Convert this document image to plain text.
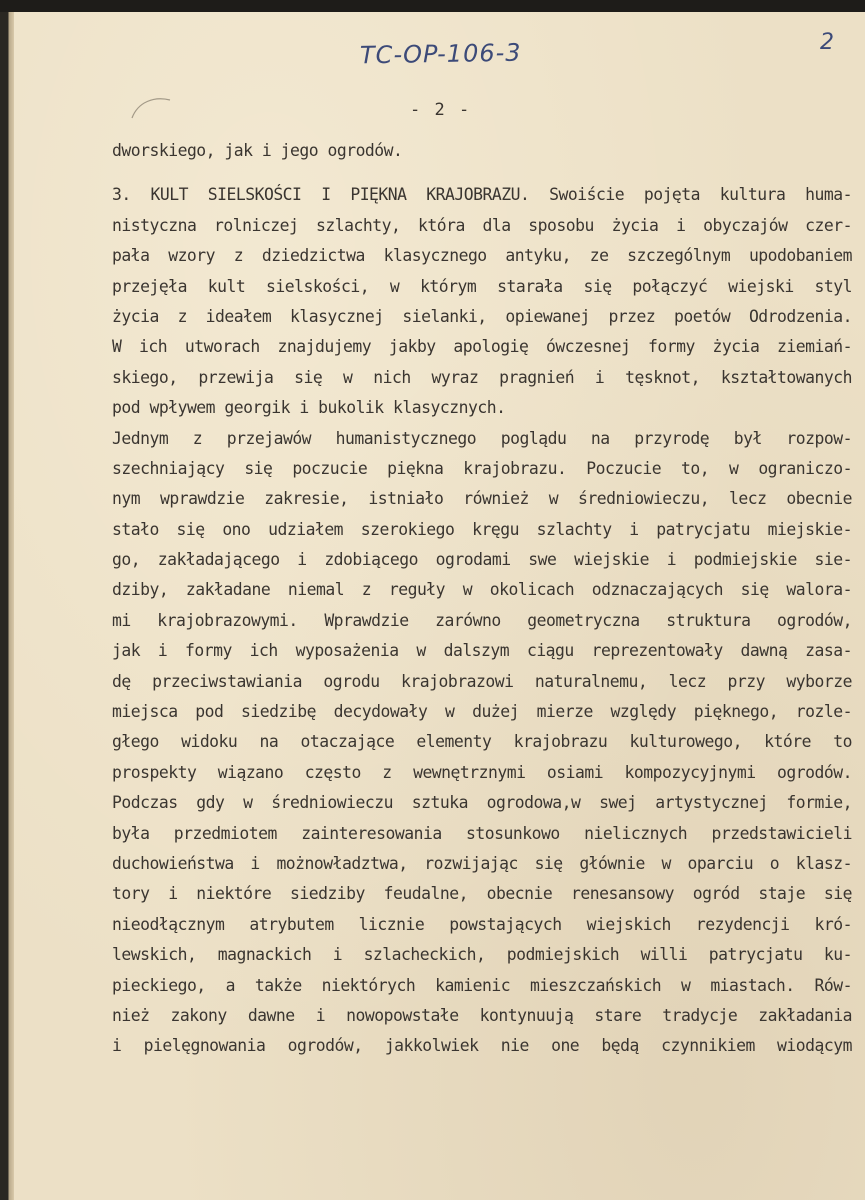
TC-OP-106-3	2
- 2 -
dworskiego, jak i jego ogrodów.
3. KULT SIELSKOŚCI I PIĘKNA KRAJOBRAZU. Swoiście pojęta kultura huma-
nistyczna rolniczej szlachty, która dla sposobu życia i obyczajów czer-
pała wzory z dziedzictwa klasycznego antyku, ze szczególnym upodobaniem
przejęła kult sielskości, w którym starała się połączyć wiejski styl
życia z ideałem klasycznej sielanki, opiewanej przez poetów Odrodzenia.
W ich utworach znajdujemy jakby apologię ówczesnej formy życia ziemiań-
skiego, przewija się w nich wyraz pragnień i tęsknot, kształtowanych
pod wpływem georgik i bukolik klasycznych.
Jednym z przejawów humanistycznego poglądu na przyrodę był rozpow-
szechniający się poczucie piękna krajobrazu. Poczucie to, w ograniczo-
nym wprawdzie zakresie, istniało również w średniowieczu, lecz obecnie
stało się ono udziałem szerokiego kręgu szlachty i patrycjatu miejskie-
go, zakładającego i zdobiącego ogrodami swe wiejskie i podmiejskie sie-
dziby, zakładane niemal z reguły w okolicach odznaczających się walora-
mi krajobrazowymi. Wprawdzie zarówno geometryczna struktura ogrodów,
jak i formy ich wyposażenia w dalszym ciągu reprezentowały dawną zasa-
dę przeciwstawiania ogrodu krajobrazowi naturalnemu, lecz przy wyborze
miejsca pod siedzibę decydowały w dużej mierze względy pięknego, rozle-
głego widoku na otaczające elementy krajobrazu kulturowego, które to
prospekty wiązano często z wewnętrznymi osiami kompozycyjnymi ogrodów.
Podczas gdy w średniowieczu sztuka ogrodowa,w swej artystycznej formie,
była przedmiotem zainteresowania stosunkowo nielicznych przedstawicieli
duchowieństwa i możnowładztwa, rozwijając się głównie w oparciu o klasz-
tory i niektóre siedziby feudalne, obecnie renesansowy ogród staje się
nieodłącznym atrybutem licznie powstających wiejskich rezydencji kró-
lewskich, magnackich i szlacheckich, podmiejskich willi patrycjatu ku-
pieckiego, a także niektórych kamienic mieszczańskich w miastach. Rów-
nież zakony dawne i nowopowstałe kontynuują stare tradycje zakładania
i pielęgnowania ogrodów, jakkolwiek nie one będą czynnikiem wiodącym
